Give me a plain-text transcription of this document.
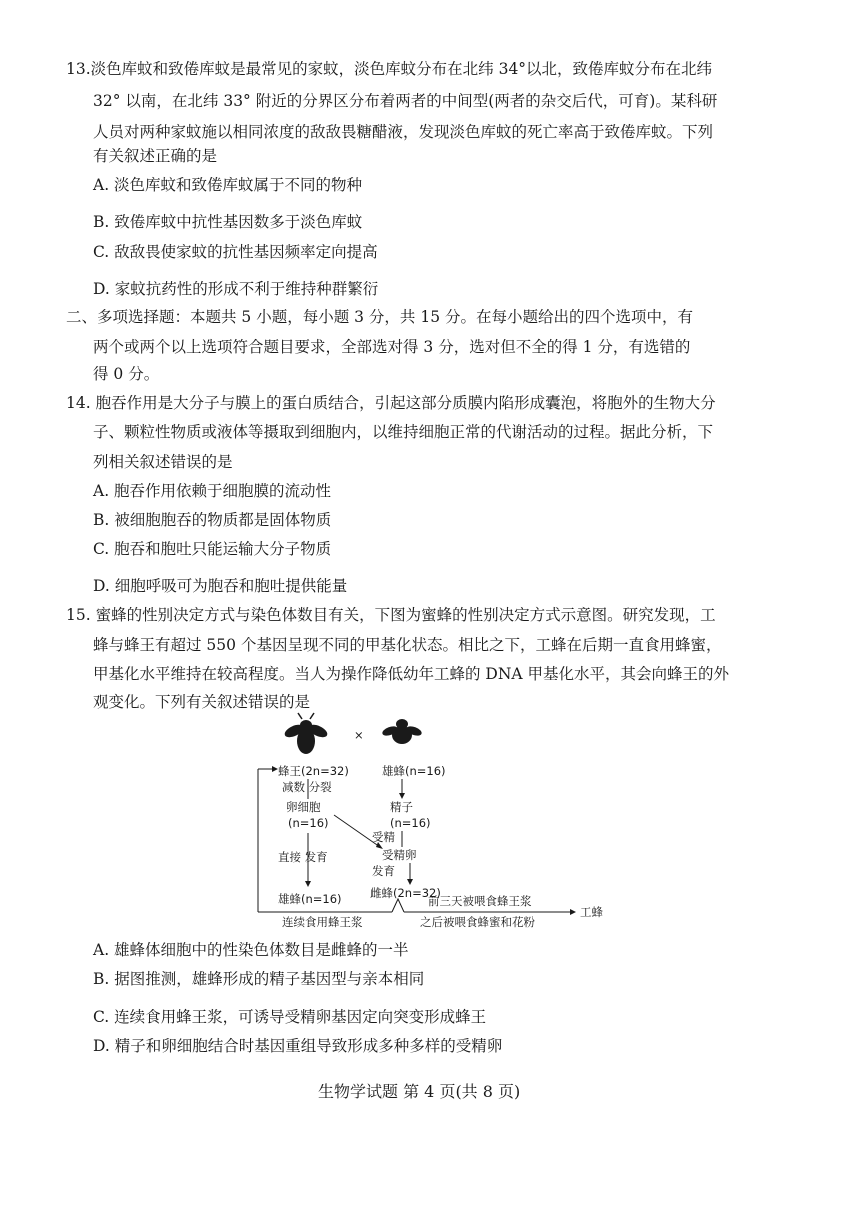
13.淡色库蚊和致倦库蚊是最常见的家蚊，淡色库蚊分布在北纬 34°以北，致倦库蚊分布在北纬
32° 以南，在北纬 33° 附近的分界区分布着两者的中间型(两者的杂交后代，可育)。某科研
人员对两种家蚊施以相同浓度的敌敌畏糖醋液，发现淡色库蚊的死亡率高于致倦库蚊。下列
有关叙述正确的是
A. 淡色库蚊和致倦库蚊属于不同的物种
B. 致倦库蚊中抗性基因数多于淡色库蚊
C. 敌敌畏使家蚊的抗性基因频率定向提高
D. 家蚊抗药性的形成不利于维持种群繁衍
二、多项选择题：本题共 5 小题，每小题 3 分，共 15 分。在每小题给出的四个选项中，有
两个或两个以上选项符合题目要求，全部选对得 3 分，选对但不全的得 1 分，有选错的
得 0 分。
14. 胞吞作用是大分子与膜上的蛋白质结合，引起这部分质膜内陷形成囊泡，将胞外的生物大分
子、颗粒性物质或液体等摄取到细胞内，以维持细胞正常的代谢活动的过程。据此分析，下
列相关叙述错误的是
A. 胞吞作用依赖于细胞膜的流动性
B. 被细胞胞吞的物质都是固体物质
C. 胞吞和胞吐只能运输大分子物质
D. 细胞呼吸可为胞吞和胞吐提供能量
15. 蜜蜂的性别决定方式与染色体数目有关，下图为蜜蜂的性别决定方式示意图。研究发现，工
蜂与蜂王有超过 550 个基因呈现不同的甲基化状态。相比之下，工蜂在后期一直食用蜂蜜，
甲基化水平维持在较高程度。当人为操作降低幼年工蜂的 DNA 甲基化水平，其会向蜂王的外
观变化。下列有关叙述错误的是
×
蜂王(2n=32)
减数 分裂
卵细胞
(n=16)
直接 发育
雄蜂(n=16)
连续食用蜂王浆
雄蜂(n=16)
精子
(n=16)
受精
受精卵
发育
雌蜂(2n=32)
前三天被喂食蜂王浆
之后被喂食蜂蜜和花粉
工蜂
A. 雄蜂体细胞中的性染色体数目是雌蜂的一半
B. 据图推测，雄蜂形成的精子基因型与亲本相同
C. 连续食用蜂王浆，可诱导受精卵基因定向突变形成蜂王
D. 精子和卵细胞结合时基因重组导致形成多种多样的受精卵
生物学试题 第 4 页(共 8 页)
